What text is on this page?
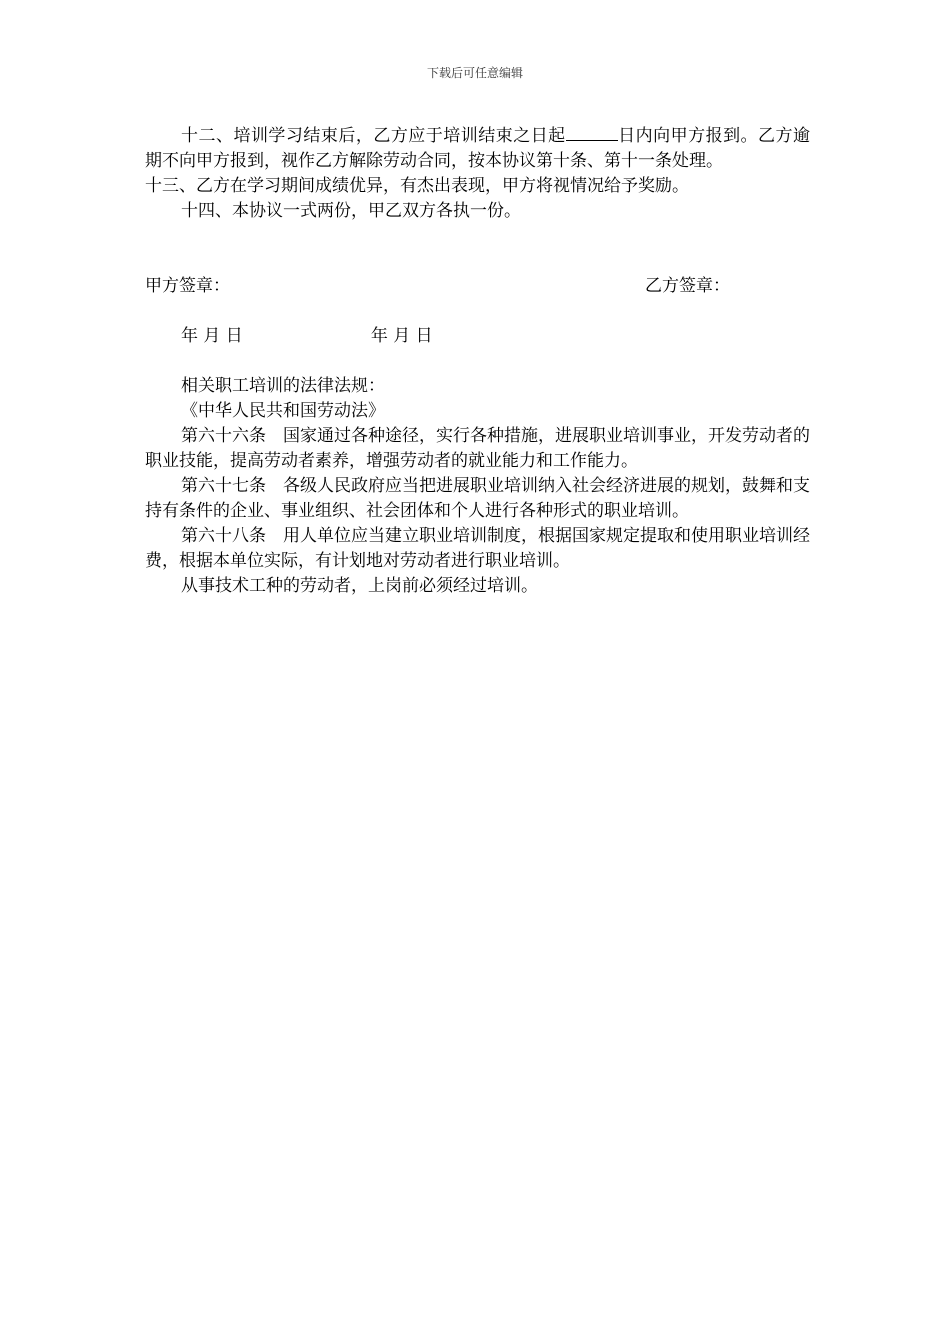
下载后可任意编辑

十二、培训学习结束后，乙方应于培训结束之日起	日内向甲方报到。乙方逾期不向甲方报到，视作乙方解除劳动合同，按本协议第十条、第十一条处理。

十三、乙方在学习期间成绩优异，有杰出表现，甲方将视情况给予奖励。

十四、本协议一式两份，甲乙双方各执一份。

甲方签章：	乙方签章：
年 月 日	年 月 日

相关职工培训的法律法规：

《中华人民共和国劳动法》

第六十六条　国家通过各种途径，实行各种措施，进展职业培训事业，开发劳动者的职业技能，提高劳动者素养，增强劳动者的就业能力和工作能力。

第六十七条　各级人民政府应当把进展职业培训纳入社会经济进展的规划，鼓舞和支持有条件的企业、事业组织、社会团体和个人进行各种形式的职业培训。

第六十八条　用人单位应当建立职业培训制度，根据国家规定提取和使用职业培训经费，根据本单位实际，有计划地对劳动者进行职业培训。

从事技术工种的劳动者，上岗前必须经过培训。
